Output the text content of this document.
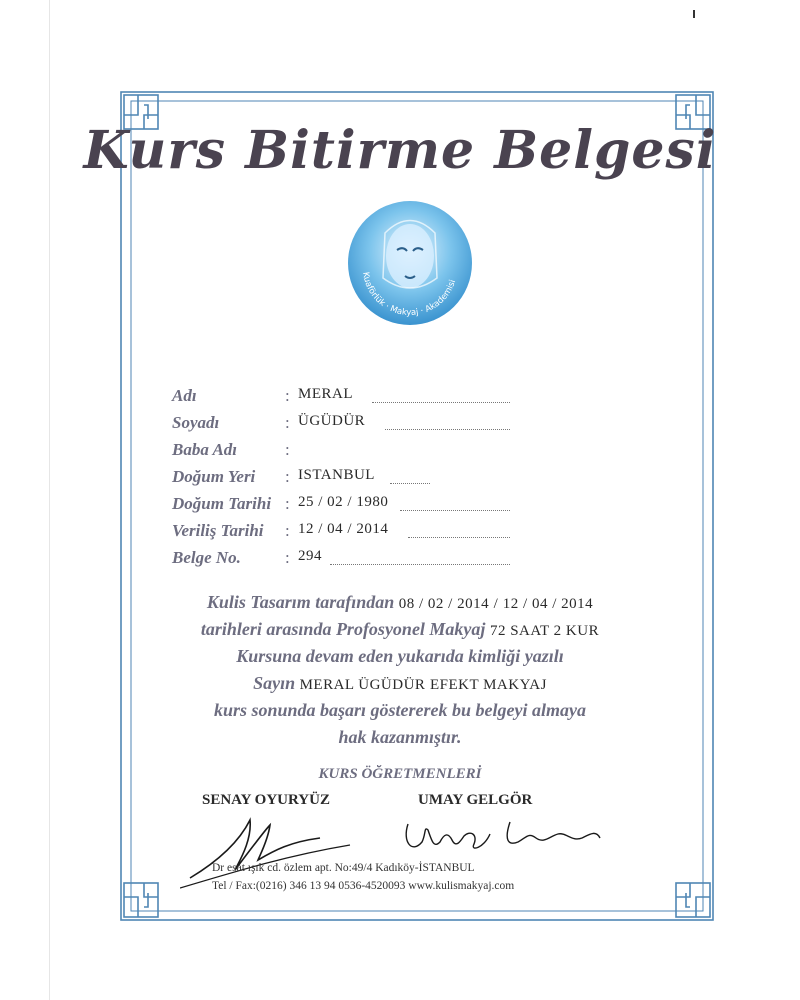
Kurs Bitirme Belgesi
Kuaförlük · Makyaj · Akademisi
Adı	: MERAL
Soyadı	: ÜGÜDÜR
Baba Adı	:
Doğum Yeri : ISTANBUL
Doğum Tarihi : 25 / 02 / 1980
Veriliş Tarihi : 12 / 04 / 2014
Belge No.	: 294
Kulis Tasarım tarafından 08 / 02 / 2014 / 12 / 04 / 2014
tarihleri arasında Profosyonel Makyaj 72 SAAT 2 KUR
Kursuna devam eden yukarıda kimliği yazılı
Sayın MERAL ÜGÜDÜR EFEKT MAKYAJ
kurs sonunda başarı göstererek bu belgeyi almaya
hak kazanmıştır.
KURS ÖĞRETMENLERİ
SENAY OYURYÜZ	UMAY GELGÖR
Dr esat ışık cd. özlem apt. No:49/4 Kadıköy-İSTANBUL
Tel / Fax:(0216) 346 13 94 0536-4520093 www.kulismakyaj.com
